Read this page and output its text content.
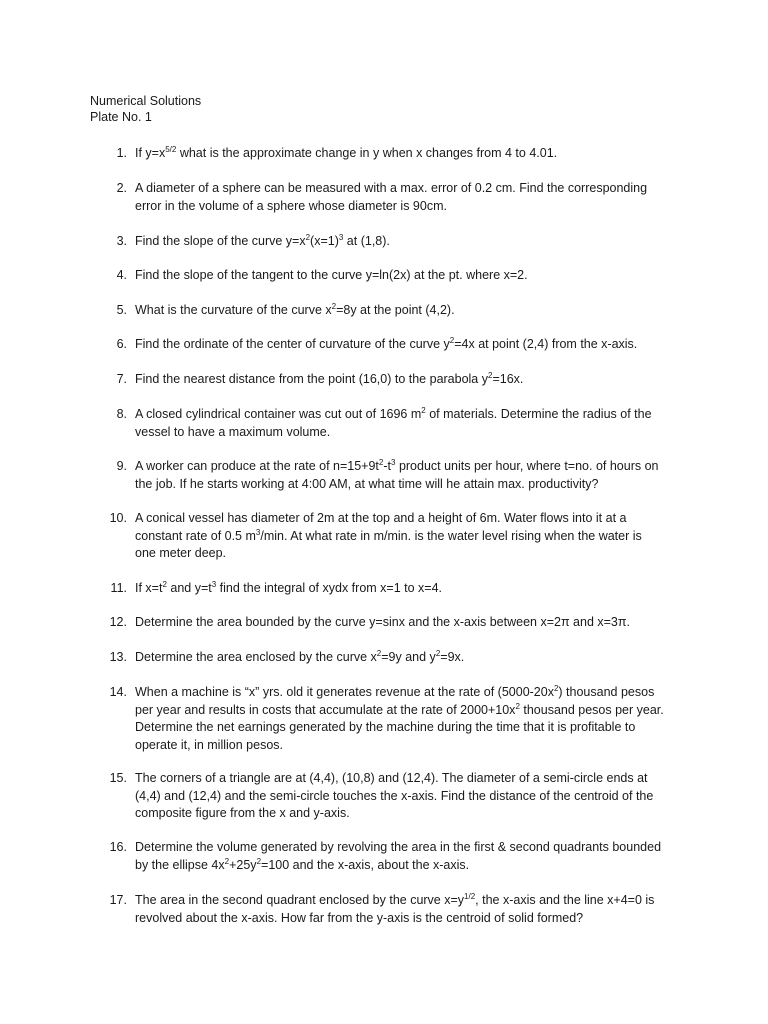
Numerical Solutions
Plate No. 1
1. If $y=x^{5/2}$ what is the approximate change in y when x changes from 4 to 4.01.
2. A diameter of a sphere can be measured with a max. error of 0.2 cm. Find the corresponding
error in the volume of a sphere whose diameter is 90cm.
3. Find the slope of the curve $y=x^2(x=1)^3$ at (1,8).
4. Find the slope of the tangent to the curve y=ln(2x) at the pt. where x=2.
5. What is the curvature of the curve $x^2=8y$ at the point (4,2).
6. Find the ordinate of the center of curvature of the curve $y^2=4x$ at point (2,4) from the x-axis.
7. Find the nearest distance from the point (16,0) to the parabola $y^2=16x$.
8. A closed cylindrical container was cut out of 1696 $m^2$ of materials. Determine the radius of the
vessel to have a maximum volume.
9. A worker can produce at the rate of $n=15+9t^2-t^3$ product units per hour, where t=no. of hours on
the job. If he starts working at 4:00 AM, at what time will he attain max. productivity?
10. A conical vessel has diameter of 2m at the top and a height of 6m. Water flows into it at a
constant rate of 0.5 $m^3/\min$. At what rate in m/min. is the water level rising when the water is
one meter deep.
11. If $x=t^2$ and $y=t^3$ find the integral of xydx from x=1 to x=4.
12. Determine the area bounded by the curve y=sinx and the x-axis between x=2π and x=3π.
13. Determine the area enclosed by the curve $x^2=9y$ and $y^2=9x$.
14. When a machine is “x” yrs. old it generates revenue at the rate of $(5000-20x^2)$ thousand pesos
per year and results in costs that accumulate at the rate of $2000+10x^2$ thousand pesos per year.
Determine the net earnings generated by the machine during the time that it is profitable to
operate it, in million pesos.
15. The corners of a triangle are at (4,4), (10,8) and (12,4). The diameter of a semi-circle ends at
(4,4) and (12,4) and the semi-circle touches the x-axis. Find the distance of the centroid of the
composite figure from the x and y-axis.
16. Determine the volume generated by revolving the area in the first & second quadrants bounded
by the ellipse $4x^2+25y^2=100$ and the x-axis, about the x-axis.
17. The area in the second quadrant enclosed by the curve $x=y^{1/2}$, the x-axis and the line x+4=0 is
revolved about the x-axis. How far from the y-axis is the centroid of solid formed?
